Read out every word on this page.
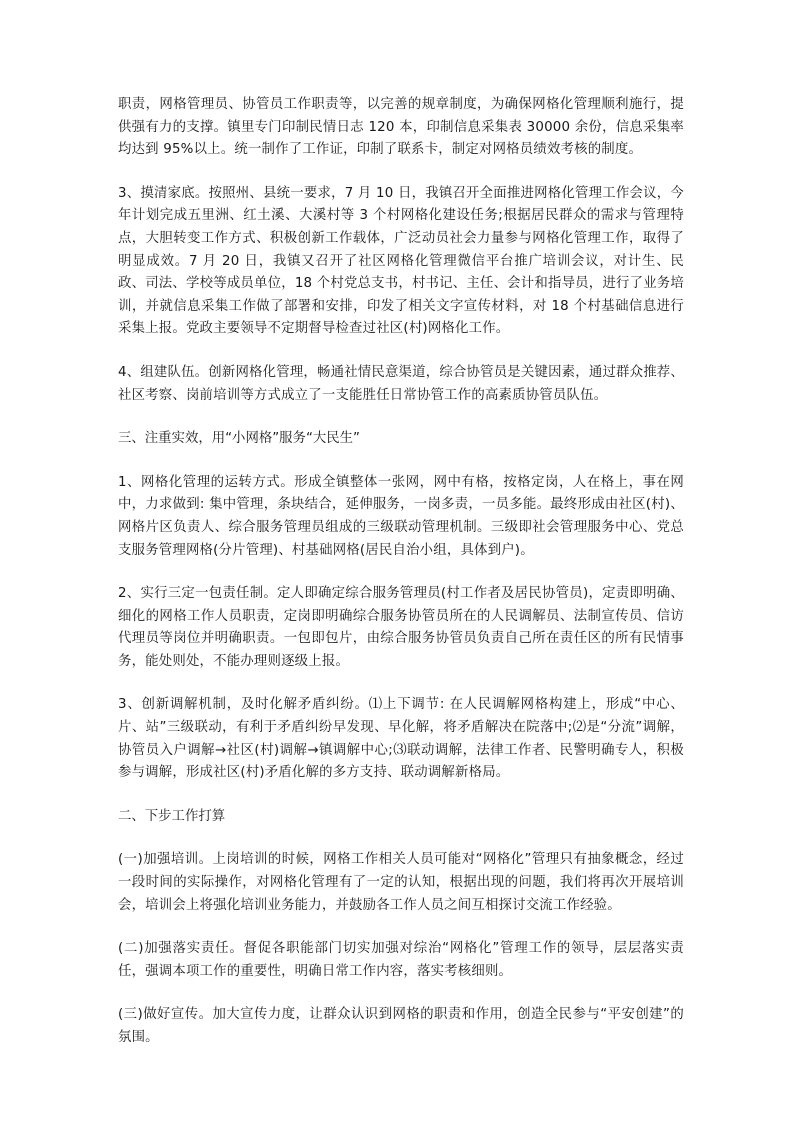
职责，网格管理员、协管员工作职责等，以完善的规章制度，为确保网格化管理顺利施行，提供强有力的支撑。镇里专门印制民情日志 120 本，印制信息采集表 30000 余份，信息采集率均达到 95%以上。统一制作了工作证，印制了联系卡，制定对网格员绩效考核的制度。

3、摸清家底。按照州、县统一要求，7 月 10 日，我镇召开全面推进网格化管理工作会议，今年计划完成五里洲、红土溪、大溪村等 3 个村网格化建设任务;根据居民群众的需求与管理特点，大胆转变工作方式、积极创新工作载体，广泛动员社会力量参与网格化管理工作，取得了明显成效。7 月 20 日，我镇又召开了社区网格化管理微信平台推广培训会议，对计生、民政、司法、学校等成员单位，18 个村党总支书，村书记、主任、会计和指导员，进行了业务培训，并就信息采集工作做了部署和安排，印发了相关文字宣传材料，对 18 个村基础信息进行采集上报。党政主要领导不定期督导检查过社区(村)网格化工作。

4、组建队伍。创新网格化管理，畅通社情民意渠道，综合协管员是关键因素，通过群众推荐、社区考察、岗前培训等方式成立了一支能胜任日常协管工作的高素质协管员队伍。

三、注重实效，用“小网格”服务“大民生”

1、网格化管理的运转方式。形成全镇整体一张网，网中有格，按格定岗，人在格上，事在网中，力求做到: 集中管理，条块结合，延伸服务，一岗多责，一员多能。最终形成由社区(村)、网格片区负责人、综合服务管理员组成的三级联动管理机制。三级即社会管理服务中心、党总支服务管理网格(分片管理)、村基础网格(居民自治小组，具体到户)。

2、实行三定一包责任制。定人即确定综合服务管理员(村工作者及居民协管员)，定责即明确、细化的网格工作人员职责，定岗即明确综合服务协管员所在的人民调解员、法制宣传员、信访代理员等岗位并明确职责。一包即包片，由综合服务协管员负责自己所在责任区的所有民情事务，能处则处，不能办理则逐级上报。

3、创新调解机制，及时化解矛盾纠纷。⑴上下调节: 在人民调解网格构建上，形成“中心、片、站”三级联动，有利于矛盾纠纷早发现、早化解，将矛盾解决在院落中;⑵是“分流”调解，协管员入户调解→社区(村)调解→镇调解中心;⑶联动调解，法律工作者、民警明确专人，积极参与调解，形成社区(村)矛盾化解的多方支持、联动调解新格局。

二、下步工作打算

(一)加强培训。上岗培训的时候，网格工作相关人员可能对“网格化”管理只有抽象概念，经过一段时间的实际操作，对网格化管理有了一定的认知，根据出现的问题，我们将再次开展培训会，培训会上将强化培训业务能力，并鼓励各工作人员之间互相探讨交流工作经验。

(二)加强落实责任。督促各职能部门切实加强对综治“网格化”管理工作的领导，层层落实责任，强调本项工作的重要性，明确日常工作内容，落实考核细则。

(三)做好宣传。加大宣传力度，让群众认识到网格的职责和作用，创造全民参与“平安创建”的氛围。
